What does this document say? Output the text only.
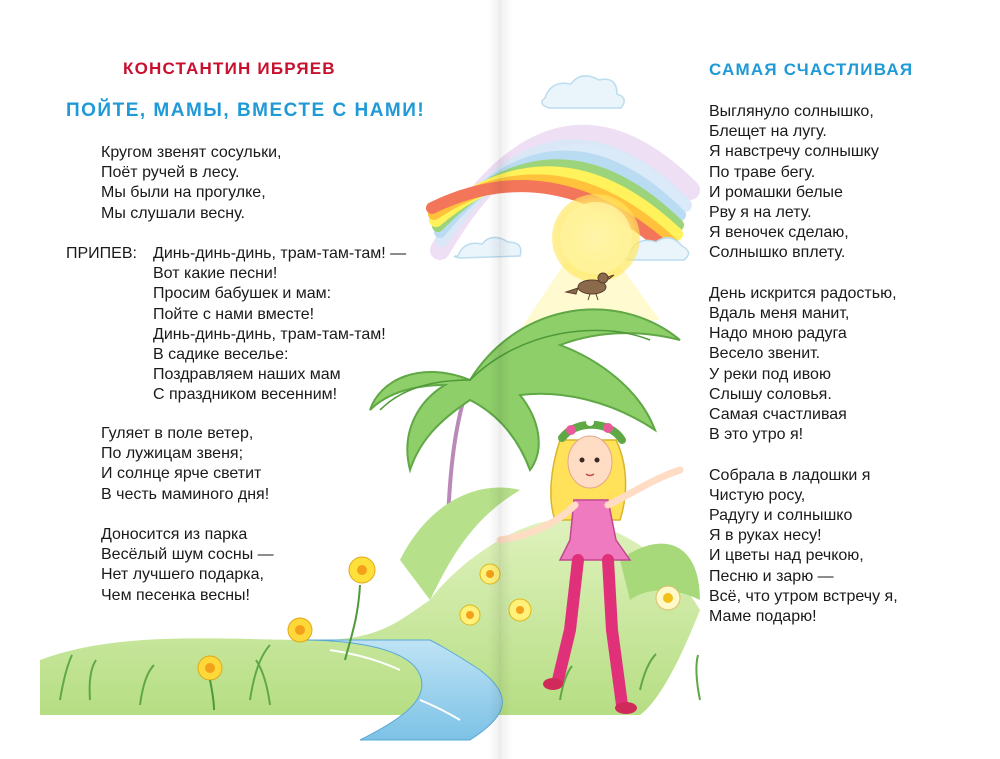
КОНСТАНТИН ИБРЯЕВ
ПОЙТЕ, МАМЫ, ВМЕСТЕ С НАМИ!
Кругом звенят сосульки,
Поёт ручей в лесу.
Мы были на прогулке,
Мы слушали весну.
ПРИПЕВ: Динь-динь-динь, трам-там-там! —
Вот какие песни!
Просим бабушек и мам:
Пойте с нами вместе!
Динь-динь-динь, трам-там-там!
В садике веселье:
Поздравляем наших мам
С праздником весенним!
Гуляет в поле ветер,
По лужицам звеня;
И солнце ярче светит
В честь маминого дня!
Доносится из парка
Весёлый шум сосны —
Нет лучшего подарка,
Чем песенка весны!
САМАЯ СЧАСТЛИВАЯ
Выглянуло солнышко,
Блещет на лугу.
Я навстречу солнышку
По траве бегу.
И ромашки белые
Рву я на лету.
Я веночек сделаю,
Солнышко вплету.
День искрится радостью,
Вдаль меня манит,
Надо мною радуга
Весело звенит.
У реки под ивою
Слышу соловья.
Самая счастливая
В это утро я!
Собрала в ладошки я
Чистую росу,
Радугу и солнышко
Я в руках несу!
И цветы над речкою,
Песню и зарю —
Всё, что утром встречу я,
Маме подарю!
